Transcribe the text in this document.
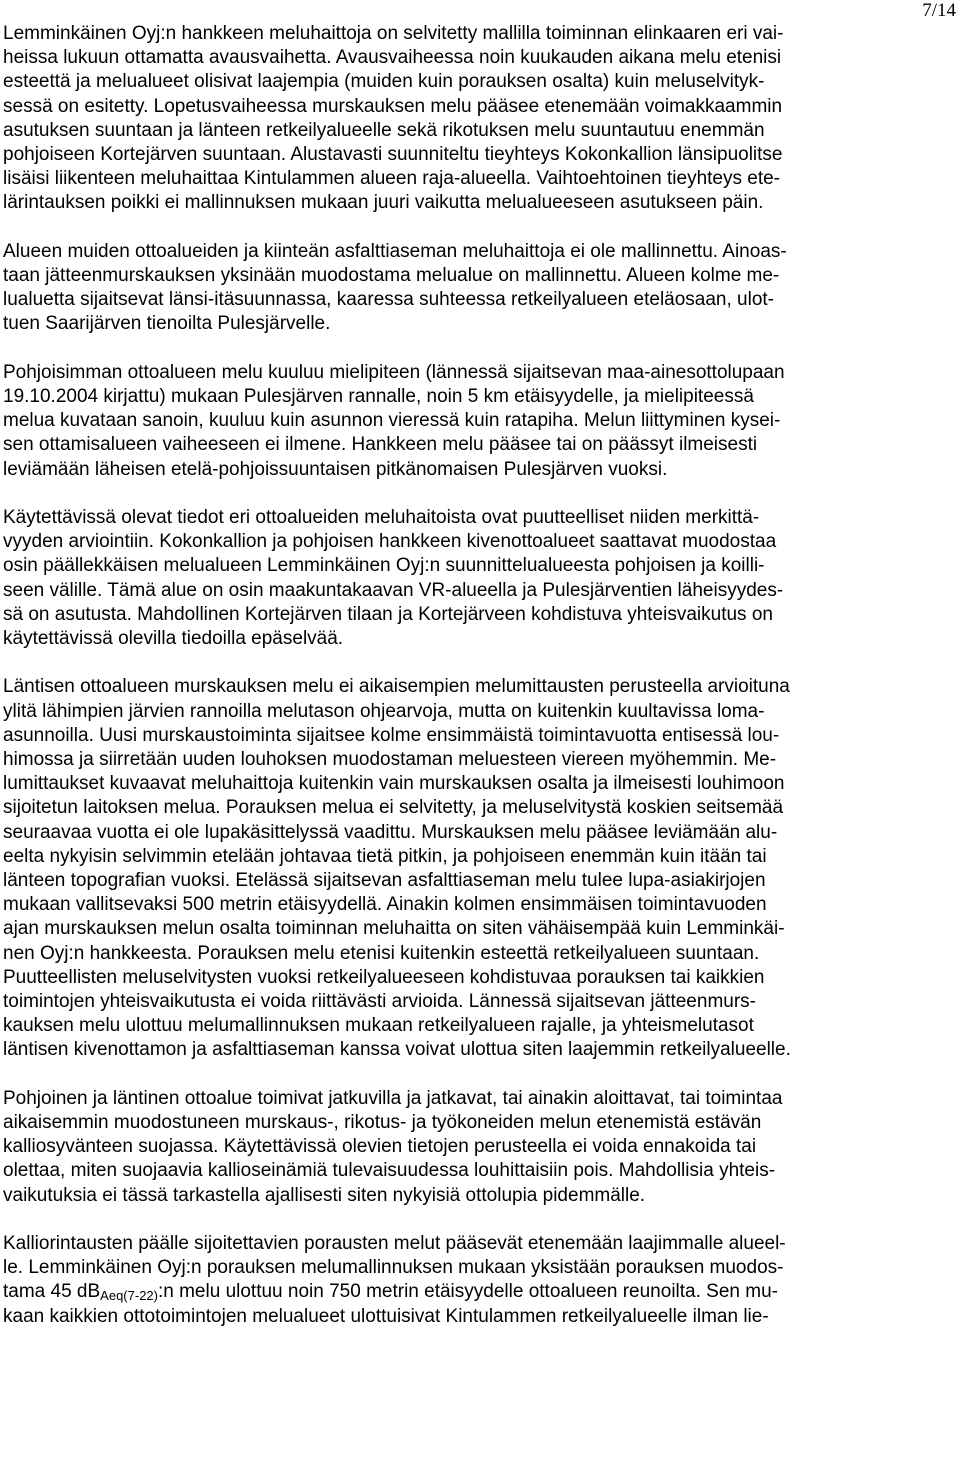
7/14
Lemminkäinen Oyj:n hankkeen meluhaittoja on selvitetty mallilla toiminnan elinkaaren eri vai-
heissa lukuun ottamatta avausvaihetta. Avausvaiheessa noin kuukauden aikana melu etenisi
esteettä ja melualueet olisivat laajempia (muiden kuin porauksen osalta) kuin meluselvityk-
sessä on esitetty. Lopetusvaiheessa murskauksen melu pääsee etenemään voimakkaammin
asutuksen suuntaan ja länteen retkeilyalueelle sekä rikotuksen melu suuntautuu enemmän
pohjoiseen Kortejärven suuntaan. Alustavasti suunniteltu tieyhteys Kokonkallion länsipuolitse
lisäisi liikenteen meluhaittaa Kintulammen alueen raja-alueella. Vaihtoehtoinen tieyhteys ete-
lärintauksen poikki ei mallinnuksen mukaan juuri vaikutta melualueeseen asutukseen päin.
Alueen muiden ottoalueiden ja kiinteän asfalttiaseman meluhaittoja ei ole mallinnettu. Ainoas-
taan jätteenmurskauksen yksinään muodostama melualue on mallinnettu. Alueen kolme me-
lualuetta sijaitsevat länsi-itäsuunnassa, kaaressa suhteessa retkeilyalueen eteläosaan, ulot-
tuen Saarijärven tienoilta Pulesjärvelle.
Pohjoisimman ottoalueen melu kuuluu mielipiteen (lännessä sijaitsevan maa-ainesottolupaan
19.10.2004 kirjattu) mukaan Pulesjärven rannalle, noin 5 km etäisyydelle, ja mielipiteessä
melua kuvataan sanoin, kuuluu kuin asunnon vieressä kuin ratapiha. Melun liittyminen kysei-
sen ottamisalueen vaiheeseen ei ilmene. Hankkeen melu pääsee tai on päässyt ilmeisesti
leviämään läheisen etelä-pohjoissuuntaisen pitkänomaisen Pulesjärven vuoksi.
Käytettävissä olevat tiedot eri ottoalueiden meluhaitoista ovat puutteelliset niiden merkittä-
vyyden arviointiin. Kokonkallion ja pohjoisen hankkeen kivenottoalueet saattavat muodostaa
osin päällekkäisen melualueen Lemminkäinen Oyj:n suunnittelualueesta pohjoisen ja koilli-
seen välille. Tämä alue on osin maakuntakaavan VR-alueella ja Pulesjärventien läheisyydes-
sä on asutusta. Mahdollinen Kortejärven tilaan ja Kortejärveen kohdistuva yhteisvaikutus on
käytettävissä olevilla tiedoilla epäselvää.
Läntisen ottoalueen murskauksen melu ei aikaisempien melumittausten perusteella arvioituna
ylitä lähimpien järvien rannoilla melutason ohjearvoja, mutta on kuitenkin kuultavissa loma-
asunnoilla. Uusi murskaustoiminta sijaitsee kolme ensimmäistä toimintavuotta entisessä lou-
himossa ja siirretään uuden louhoksen muodostaman meluesteen viereen myöhemmin. Me-
lumittaukset kuvaavat meluhaittoja kuitenkin vain murskauksen osalta ja ilmeisesti louhimoon
sijoitetun laitoksen melua. Porauksen melua ei selvitetty, ja meluselvitystä koskien seitsemää
seuraavaa vuotta ei ole lupakäsittelyssä vaadittu. Murskauksen melu pääsee leviämään alu-
eelta nykyisin selvimmin etelään johtavaa tietä pitkin, ja pohjoiseen enemmän kuin itään tai
länteen topografian vuoksi. Etelässä sijaitsevan asfalttiaseman melu tulee lupa-asiakirjojen
mukaan vallitsevaksi 500 metrin etäisyydellä. Ainakin kolmen ensimmäisen toimintavuoden
ajan murskauksen melun osalta toiminnan meluhaitta on siten vähäisempää kuin Lemminkäi-
nen Oyj:n hankkeesta. Porauksen melu etenisi kuitenkin esteettä retkeilyalueen suuntaan.
Puutteellisten meluselvitysten vuoksi retkeilyalueeseen kohdistuvaa porauksen tai kaikkien
toimintojen yhteisvaikutusta ei voida riittävästi arvioida. Lännessä sijaitsevan jätteenmurs-
kauksen melu ulottuu melumallinnuksen mukaan retkeilyalueen rajalle, ja yhteismelutasot
läntisen kivenottamon ja asfalttiaseman kanssa voivat ulottua siten laajemmin retkeilyalueelle.
Pohjoinen ja läntinen ottoalue toimivat jatkuvilla ja jatkavat, tai ainakin aloittavat, tai toimintaa
aikaisemmin muodostuneen murskaus-, rikotus- ja työkoneiden melun etenemistä estävän
kalliosyvänteen suojassa. Käytettävissä olevien tietojen perusteella ei voida ennakoida tai
olettaa, miten suojaavia kallioseinämiä tulevaisuudessa louhittaisiin pois. Mahdollisia yhteis-
vaikutuksia ei tässä tarkastella ajallisesti siten nykyisiä ottolupia pidemmälle.
Kalliorintausten päälle sijoitettavien porausten melut pääsevät etenemään laajimmalle alueel-
le. Lemminkäinen Oyj:n porauksen melumallinnuksen mukaan yksistään porauksen muodos-
tama 45 $dB_{Aeq(7-22)}:n$ melu ulottuu noin 750 metrin etäisyydelle ottoalueen reunoilta. Sen mu-
kaan kaikkien ottotoimintojen melualueet ulottuisivat Kintulammen retkeilyalueelle ilman lie-
